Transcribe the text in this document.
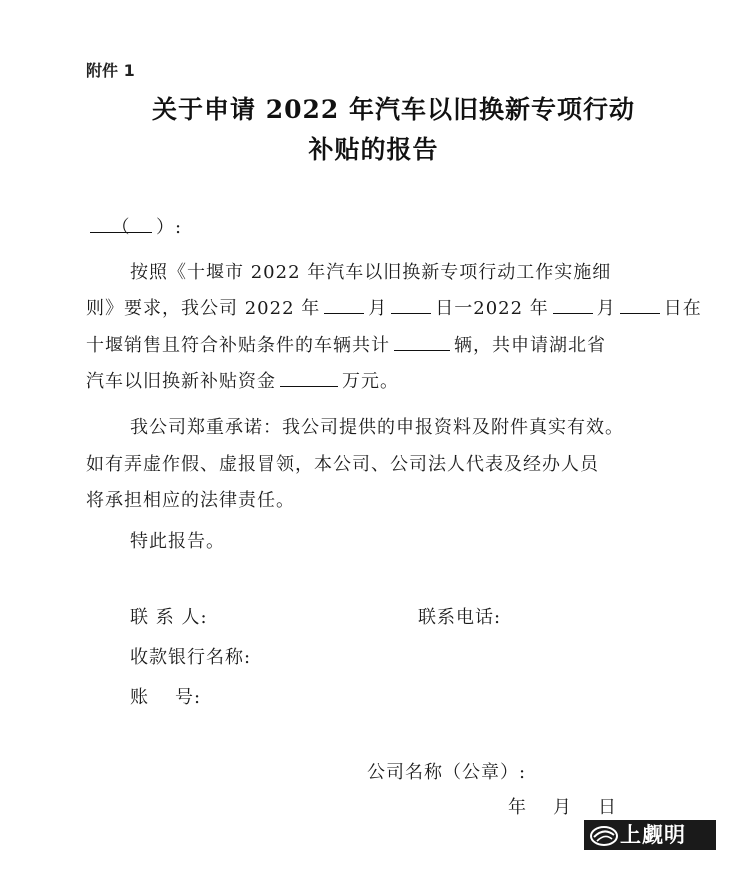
附件 1
关于申请 2022 年汽车以旧换新专项行动
补贴的报告
（ ）:
按照《十堰市 2022 年汽车以旧换新专项行动工作实施细
则》要求，我公司 2022 年	月	日一2022 年	月	日在
十堰销售且符合补贴条件的车辆共计	辆，共申请湖北省
汽车以旧换新补贴资金	万元。
我公司郑重承诺：我公司提供的申报资料及附件真实有效。
如有弄虚作假、虚报冒领，本公司、公司法人代表及经办人员
将承担相应的法律责任。
特此报告。
联 系 人:	联系电话:
收款银行名称:
账 号:
公司名称（公章）:
年 月 日
上觑明
